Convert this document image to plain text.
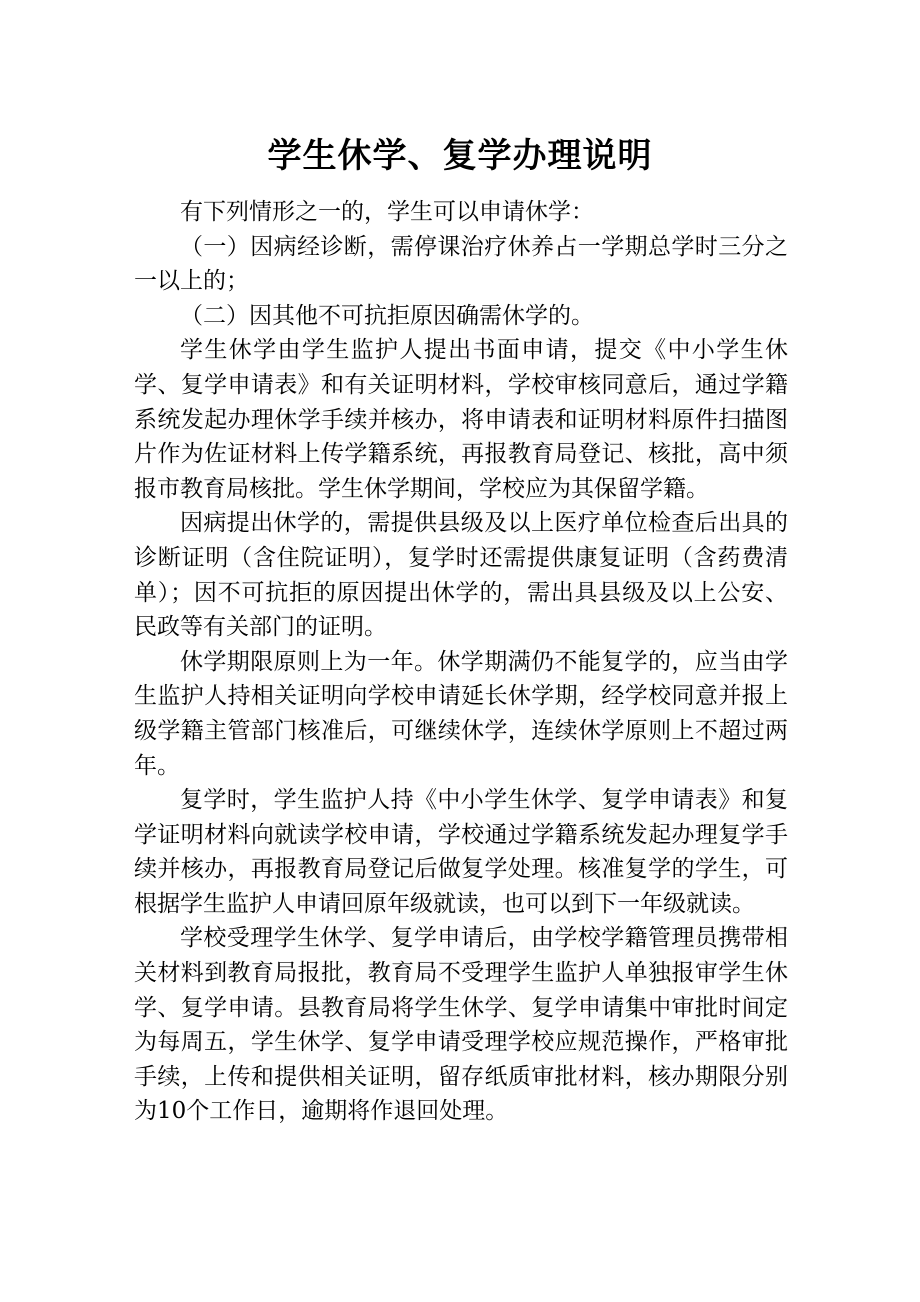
学生休学、复学办理说明

有下列情形之一的，学生可以申请休学：

（一）因病经诊断，需停课治疗休养占一学期总学时三分之一以上的；

（二）因其他不可抗拒原因确需休学的。

学生休学由学生监护人提出书面申请，提交《中小学生休学、复学申请表》和有关证明材料，学校审核同意后，通过学籍系统发起办理休学手续并核办，将申请表和证明材料原件扫描图片作为佐证材料上传学籍系统，再报教育局登记、核批，高中须报市教育局核批。学生休学期间，学校应为其保留学籍。

因病提出休学的，需提供县级及以上医疗单位检查后出具的诊断证明（含住院证明），复学时还需提供康复证明（含药费清单）；因不可抗拒的原因提出休学的，需出具县级及以上公安、民政等有关部门的证明。

休学期限原则上为一年。休学期满仍不能复学的，应当由学生监护人持相关证明向学校申请延长休学期，经学校同意并报上级学籍主管部门核准后，可继续休学，连续休学原则上不超过两年。

复学时，学生监护人持《中小学生休学、复学申请表》和复学证明材料向就读学校申请，学校通过学籍系统发起办理复学手续并核办，再报教育局登记后做复学处理。核准复学的学生，可根据学生监护人申请回原年级就读，也可以到下一年级就读。

学校受理学生休学、复学申请后，由学校学籍管理员携带相关材料到教育局报批，教育局不受理学生监护人单独报审学生休学、复学申请。县教育局将学生休学、复学申请集中审批时间定为每周五，学生休学、复学申请受理学校应规范操作，严格审批手续，上传和提供相关证明，留存纸质审批材料，核办期限分别为10个工作日，逾期将作退回处理。
